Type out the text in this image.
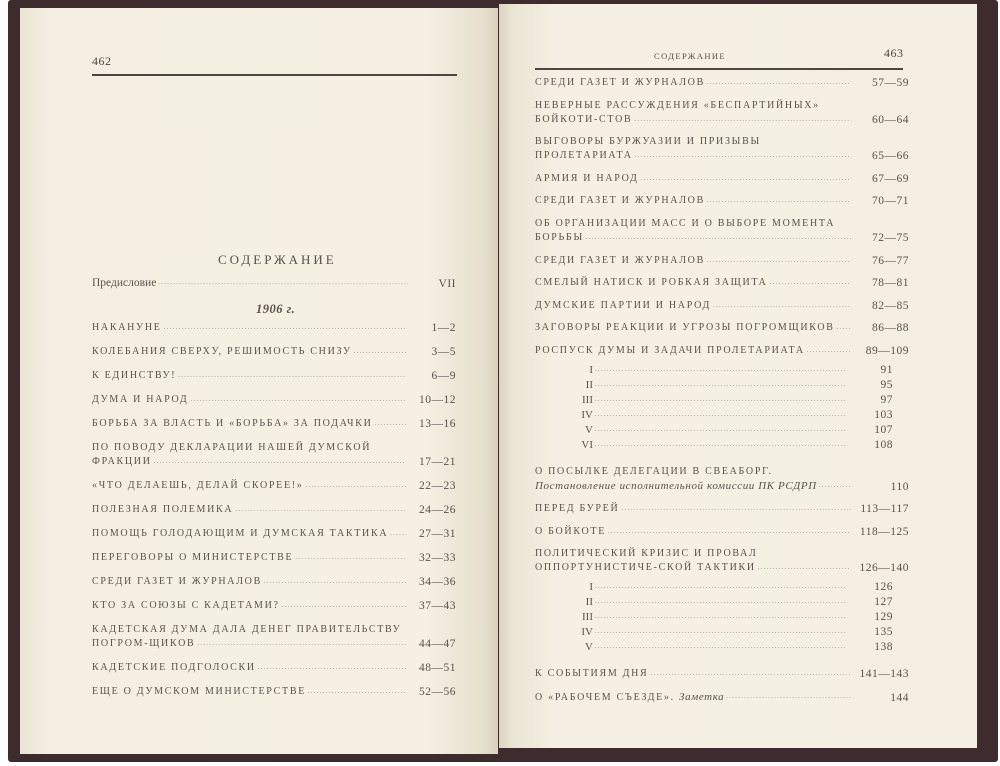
462
СОДЕРЖАНИЕ
Предисловие . . .	VII
1906 г.
НАКАНУНЕ . . .	1—2
КОЛЕБАНИЯ СВЕРХУ, РЕШИМОСТЬ СНИЗУ . . .	3—5
К ЕДИНСТВУ! . . .	6—9
ДУМА И НАРОД . . .	10—12
БОРЬБА ЗА ВЛАСТЬ И «БОРЬБА» ЗА ПОДАЧКИ . . .	13—16
ПО ПОВОДУ ДЕКЛАРАЦИИ НАШЕЙ ДУМСКОЙ ФРАКЦИИ . . .	17—21
«ЧТО ДЕЛАЕШЬ, ДЕЛАЙ СКОРЕЕ!» . . .	22—23
ПОЛЕЗНАЯ ПОЛЕМИКА . . .	24—26
ПОМОЩЬ ГОЛОДАЮЩИМ И ДУМСКАЯ ТАКТИКА . . .	27—31
ПЕРЕГОВОРЫ О МИНИСТЕРСТВЕ . . .	32—33
СРЕДИ ГАЗЕТ И ЖУРНАЛОВ . . .	34—36
КТО ЗА СОЮЗЫ С КАДЕТАМИ? . . .	37—43
КАДЕТСКАЯ ДУМА ДАЛА ДЕНЕГ ПРАВИТЕЛЬСТВУ ПОГРОМ-ЩИКОВ . . .	44—47
КАДЕТСКИЕ ПОДГОЛОСКИ . . .	48—51
ЕЩЕ О ДУМСКОМ МИНИСТЕРСТВЕ . . .	52—56
СОДЕРЖАНИЕ	463
СРЕДИ ГАЗЕТ И ЖУРНАЛОВ . . .	57—59
НЕВЕРНЫЕ РАССУЖДЕНИЯ «БЕСПАРТИЙНЫХ» БОЙКОТИ-СТОВ . . .	60—64
ВЫГОВОРЫ БУРЖУАЗИИ И ПРИЗЫВЫ ПРОЛЕТАРИАТА . . .	65—66
АРМИЯ И НАРОД . . .	67—69
СРЕДИ ГАЗЕТ И ЖУРНАЛОВ . . .	70—71
ОБ ОРГАНИЗАЦИИ МАСС И О ВЫБОРЕ МОМЕНТА БОРЬБЫ . . .	72—75
СРЕДИ ГАЗЕТ И ЖУРНАЛОВ . . .	76—77
СМЕЛЫЙ НАТИСК И РОБКАЯ ЗАЩИТА . . .	78—81
ДУМСКИЕ ПАРТИИ И НАРОД . . .	82—85
ЗАГОВОРЫ РЕАКЦИИ И УГРОЗЫ ПОГРОМЩИКОВ . . .	86—88
РОСПУСК ДУМЫ И ЗАДАЧИ ПРОЛЕТАРИАТА . . .	89—109
I . . .	91
II . . .	95
III . . .	97
IV . . .	103
V . . .	107
VI . . .	108
О ПОСЫЛКЕ ДЕЛЕГАЦИИ В СВЕАБОРГ. Постановление исполнительной комиссии ПК РСДРП . . .	110
ПЕРЕД БУРЕЙ . . .	113—117
О БОЙКОТЕ . . .	118—125
ПОЛИТИЧЕСКИЙ КРИЗИС И ПРОВАЛ ОППОРТУНИСТИЧЕ-СКОЙ ТАКТИКИ . . .	126—140
I . . .	126
II . . .	127
III . . .	129
IV . . .	135
V . . .	138
К СОБЫТИЯМ ДНЯ . . .	141—143
О «РАБОЧЕМ СЪЕЗДЕ». Заметка . . .	144
